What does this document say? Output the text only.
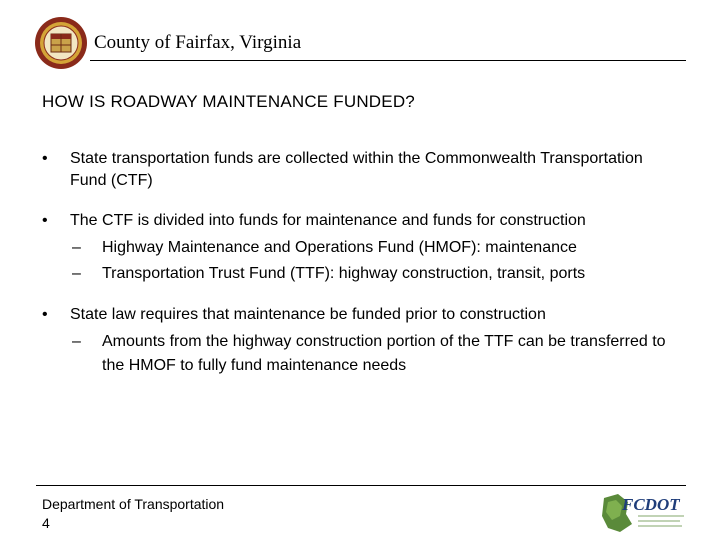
County of Fairfax, Virginia
HOW IS ROADWAY MAINTENANCE FUNDED?
• State transportation funds are collected within the Commonwealth Transportation Fund (CTF)
• The CTF is divided into funds for maintenance and funds for construction
– Highway Maintenance and Operations Fund (HMOF): maintenance
– Transportation Trust Fund (TTF): highway construction, transit, ports
• State law requires that maintenance be funded prior to construction
– Amounts from the highway construction portion of the TTF can be transferred to the HMOF to fully fund maintenance needs
Department of Transportation
4
FCDOT
